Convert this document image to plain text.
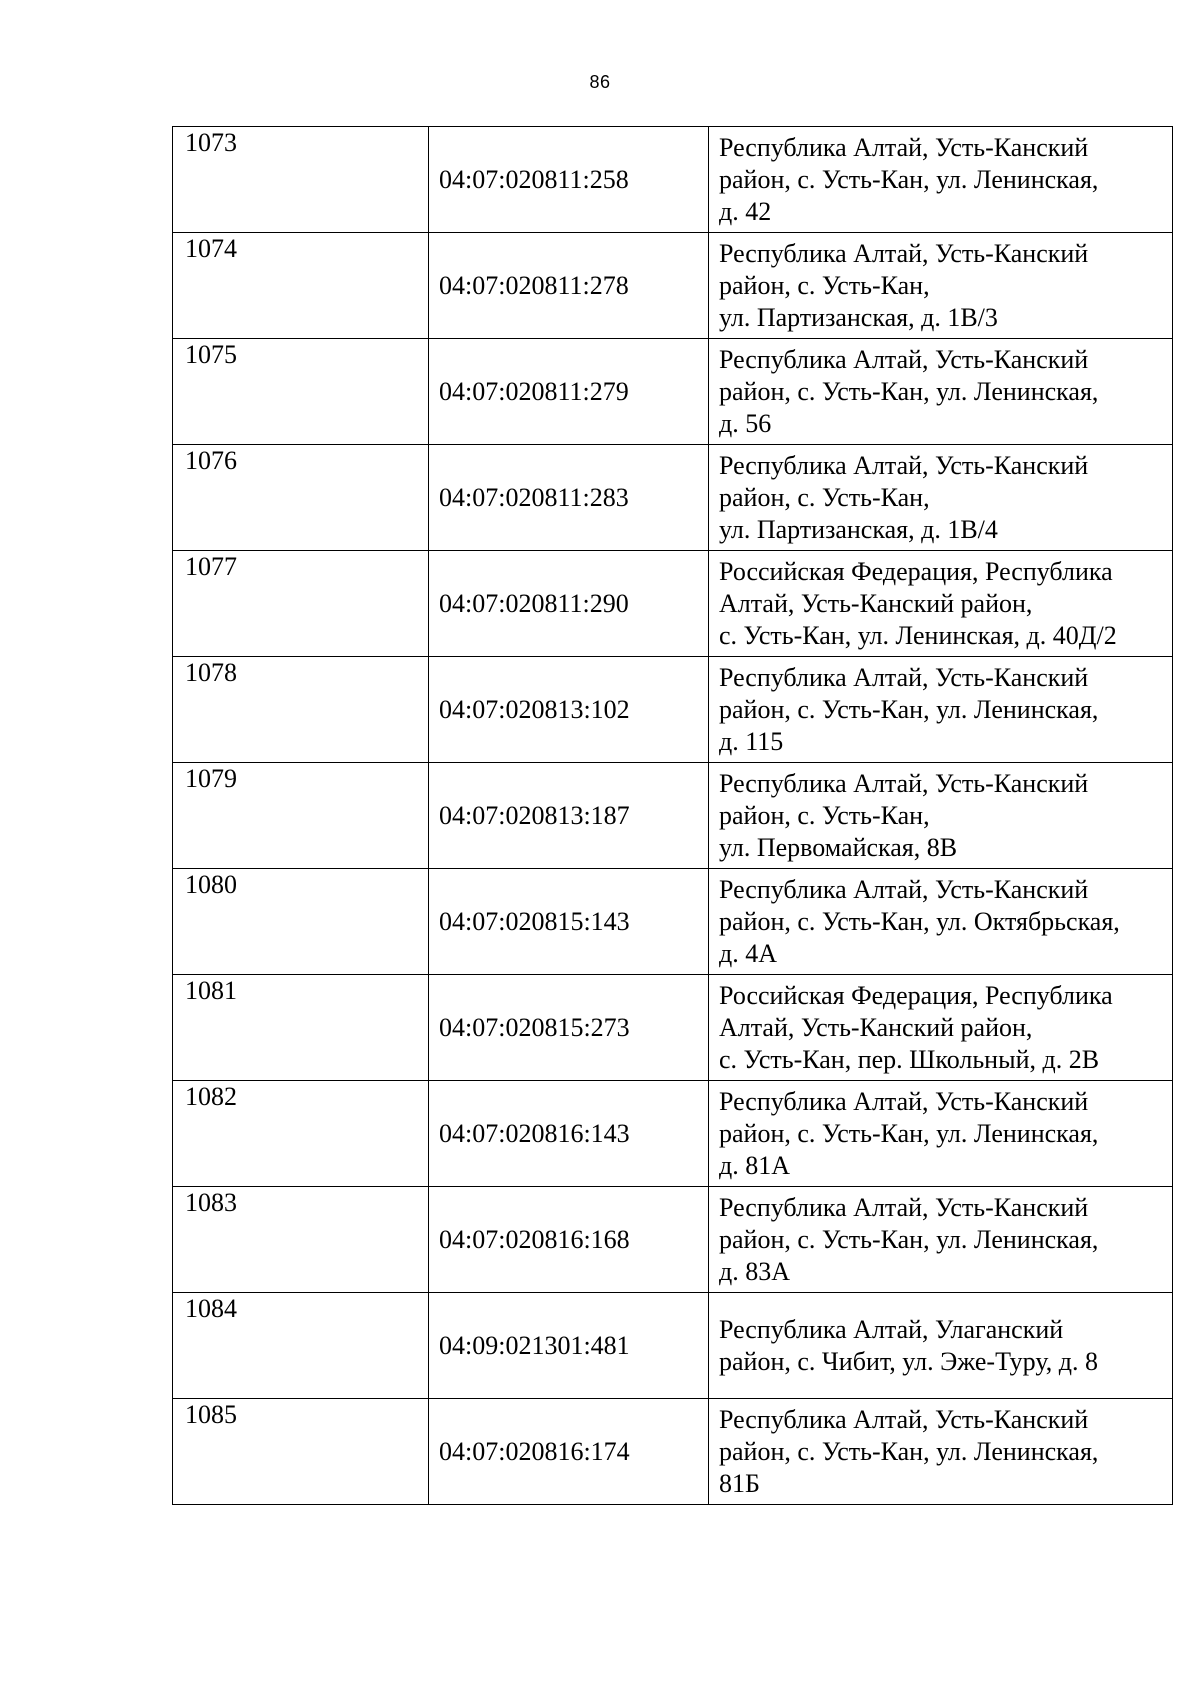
86
1073	04:07:020811:258	Республика Алтай, Усть-Канский
район, с. Усть-Кан, ул. Ленинская,
д. 42

1074	04:07:020811:278	Республика Алтай, Усть-Канский
район, с. Усть-Кан,
ул. Партизанская, д. 1В/3

1075	04:07:020811:279	Республика Алтай, Усть-Канский
район, с. Усть-Кан, ул. Ленинская,
д. 56

1076	04:07:020811:283	Республика Алтай, Усть-Канский
район, с. Усть-Кан,
ул. Партизанская, д. 1В/4

1077	04:07:020811:290	Российская Федерация, Республика
Алтай, Усть-Канский район,
с. Усть-Кан, ул. Ленинская, д. 40Д/2

1078	04:07:020813:102	Республика Алтай, Усть-Канский
район, с. Усть-Кан, ул. Ленинская,
д. 115

1079	04:07:020813:187	Республика Алтай, Усть-Канский
район, с. Усть-Кан,
ул. Первомайская, 8В

1080	04:07:020815:143	Республика Алтай, Усть-Канский
район, с. Усть-Кан, ул. Октябрьская,
д. 4А

1081	04:07:020815:273	Российская Федерация, Республика
Алтай, Усть-Канский район,
с. Усть-Кан, пер. Школьный, д. 2В

1082	04:07:020816:143	Республика Алтай, Усть-Канский
район, с. Усть-Кан, ул. Ленинская,
д. 81А

1083	04:07:020816:168	Республика Алтай, Усть-Канский
район, с. Усть-Кан, ул. Ленинская,
д. 83А

1084	04:09:021301:481	Республика Алтай, Улаганский
район, с. Чибит, ул. Эже-Туру, д. 8

1085	04:07:020816:174	Республика Алтай, Усть-Канский
район, с. Усть-Кан, ул. Ленинская,
81Б
